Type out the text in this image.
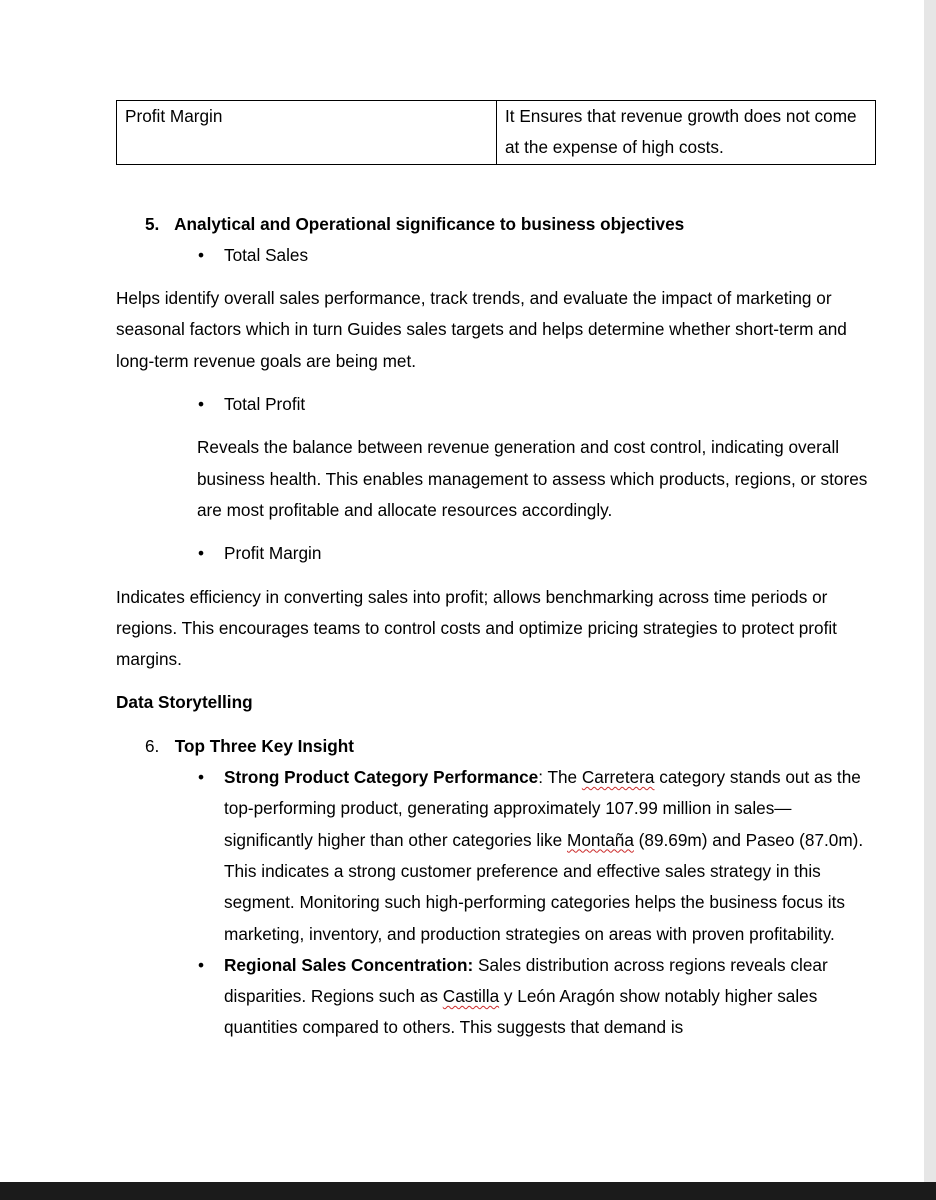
Profit Margin	It Ensures that revenue growth does not come at the expense of high costs.
5. Analytical and Operational significance to business objectives
• Total Sales
Helps identify overall sales performance, track trends, and evaluate the impact of marketing or seasonal factors which in turn Guides sales targets and helps determine whether short-term and long-term revenue goals are being met.
• Total Profit
Reveals the balance between revenue generation and cost control, indicating overall business health. This enables management to assess which products, regions, or stores are most profitable and allocate resources accordingly.
• Profit Margin
Indicates efficiency in converting sales into profit; allows benchmarking across time periods or regions. This encourages teams to control costs and optimize pricing strategies to protect profit margins.
Data Storytelling
6. Top Three Key Insight
• Strong Product Category Performance: The Carretera category stands out as the top-performing product, generating approximately 107.99 million in sales—significantly higher than other categories like Montaña (89.69m) and Paseo (87.0m). This indicates a strong customer preference and effective sales strategy in this segment. Monitoring such high-performing categories helps the business focus its marketing, inventory, and production strategies on areas with proven profitability.
• Regional Sales Concentration: Sales distribution across regions reveals clear disparities. Regions such as Castilla y León Aragón show notably higher sales quantities compared to others. This suggests that demand is
